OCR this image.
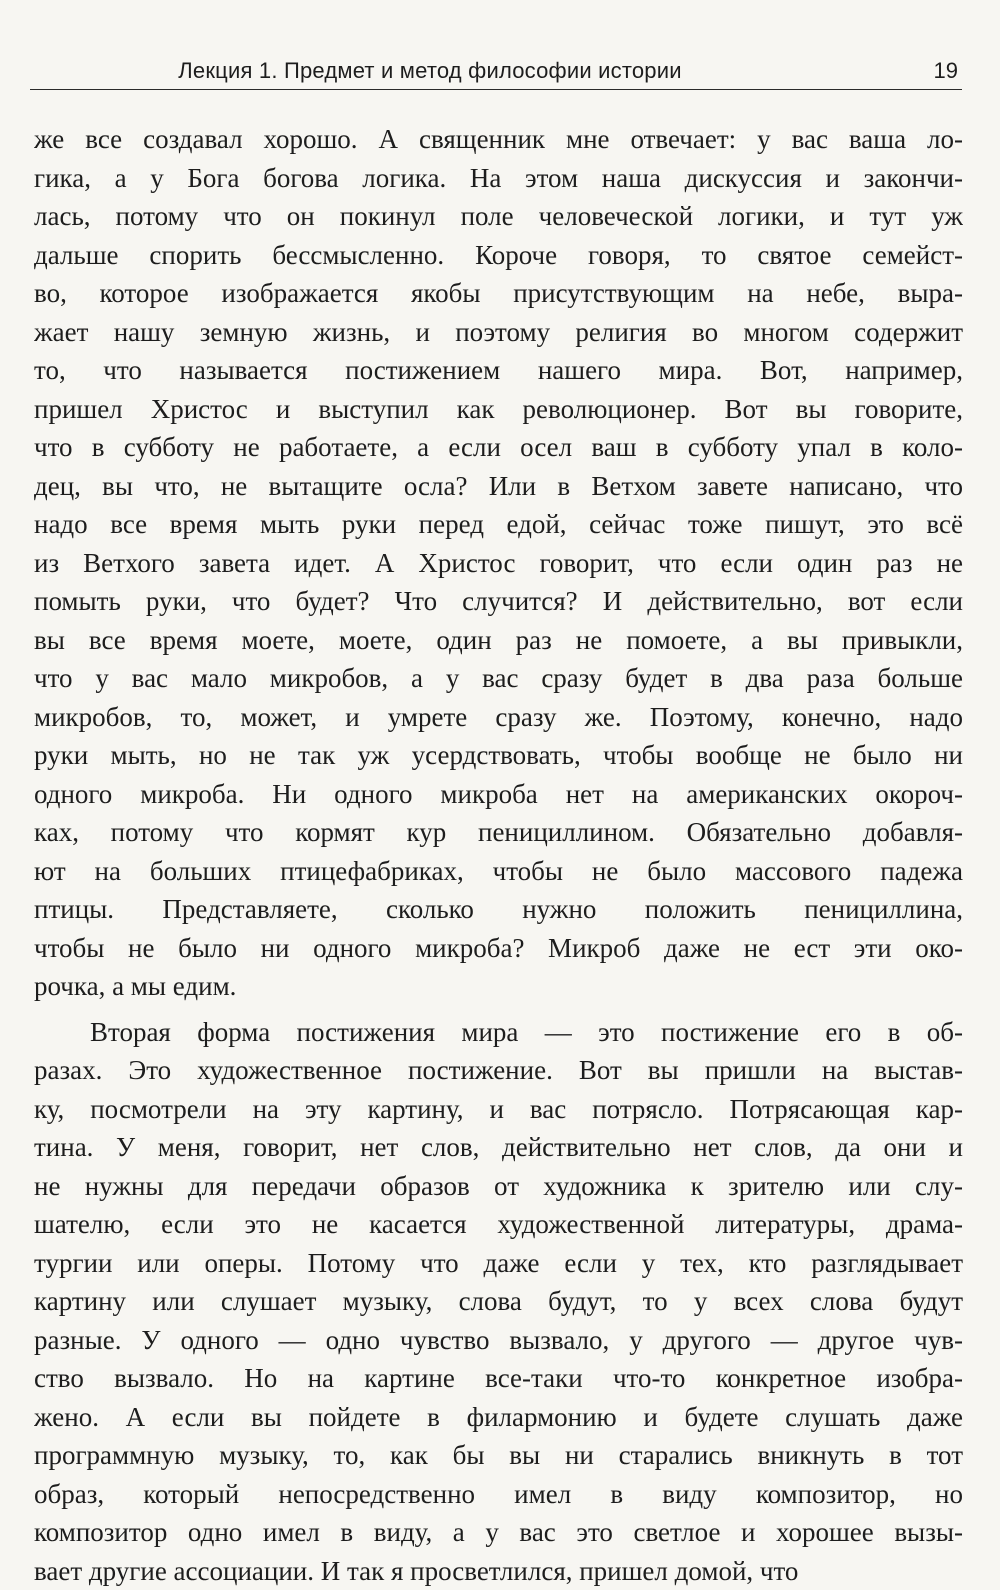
Лекция 1. Предмет и метод философии истории	19
же все создавал хорошо. А священник мне отвечает: у вас ваша ло-
гика, а у Бога богова логика. На этом наша дискуссия и закончи-
лась, потому что он покинул поле человеческой логики, и тут уж
дальше спорить бессмысленно. Короче говоря, то святое семейст-
во, которое изображается якобы присутствующим на небе, выра-
жает нашу земную жизнь, и поэтому религия во многом содержит
то, что называется постижением нашего мира. Вот, например,
пришел Христос и выступил как революционер. Вот вы говорите,
что в субботу не работаете, а если осел ваш в субботу упал в коло-
дец, вы что, не вытащите осла? Или в Ветхом завете написано, что
надо все время мыть руки перед едой, сейчас тоже пишут, это всё
из Ветхого завета идет. А Христос говорит, что если один раз не
помыть руки, что будет? Что случится? И действительно, вот если
вы все время моете, моете, один раз не помоете, а вы привыкли,
что у вас мало микробов, а у вас сразу будет в два раза больше
микробов, то, может, и умрете сразу же. Поэтому, конечно, надо
руки мыть, но не так уж усердствовать, чтобы вообще не было ни
одного микроба. Ни одного микроба нет на американских окороч-
ках, потому что кормят кур пенициллином. Обязательно добавля-
ют на больших птицефабриках, чтобы не было массового падежа
птицы. Представляете, сколько нужно положить пенициллина,
чтобы не было ни одного микроба? Микроб даже не ест эти око-
рочка, а мы едим.
Вторая форма постижения мира — это постижение его в об-
разах. Это художественное постижение. Вот вы пришли на выстав-
ку, посмотрели на эту картину, и вас потрясло. Потрясающая кар-
тина. У меня, говорит, нет слов, действительно нет слов, да они и
не нужны для передачи образов от художника к зрителю или слу-
шателю, если это не касается художественной литературы, драма-
тургии или оперы. Потому что даже если у тех, кто разглядывает
картину или слушает музыку, слова будут, то у всех слова будут
разные. У одного — одно чувство вызвало, у другого — другое чув-
ство вызвало. Но на картине все-таки что-то конкретное изобра-
жено. А если вы пойдете в филармонию и будете слушать даже
программную музыку, то, как бы вы ни старались вникнуть в тот
образ, который непосредственно имел в виду композитор, но
композитор одно имел в виду, а у вас это светлое и хорошее вызы-
вает другие ассоциации. И так я просветлился, пришел домой, что
